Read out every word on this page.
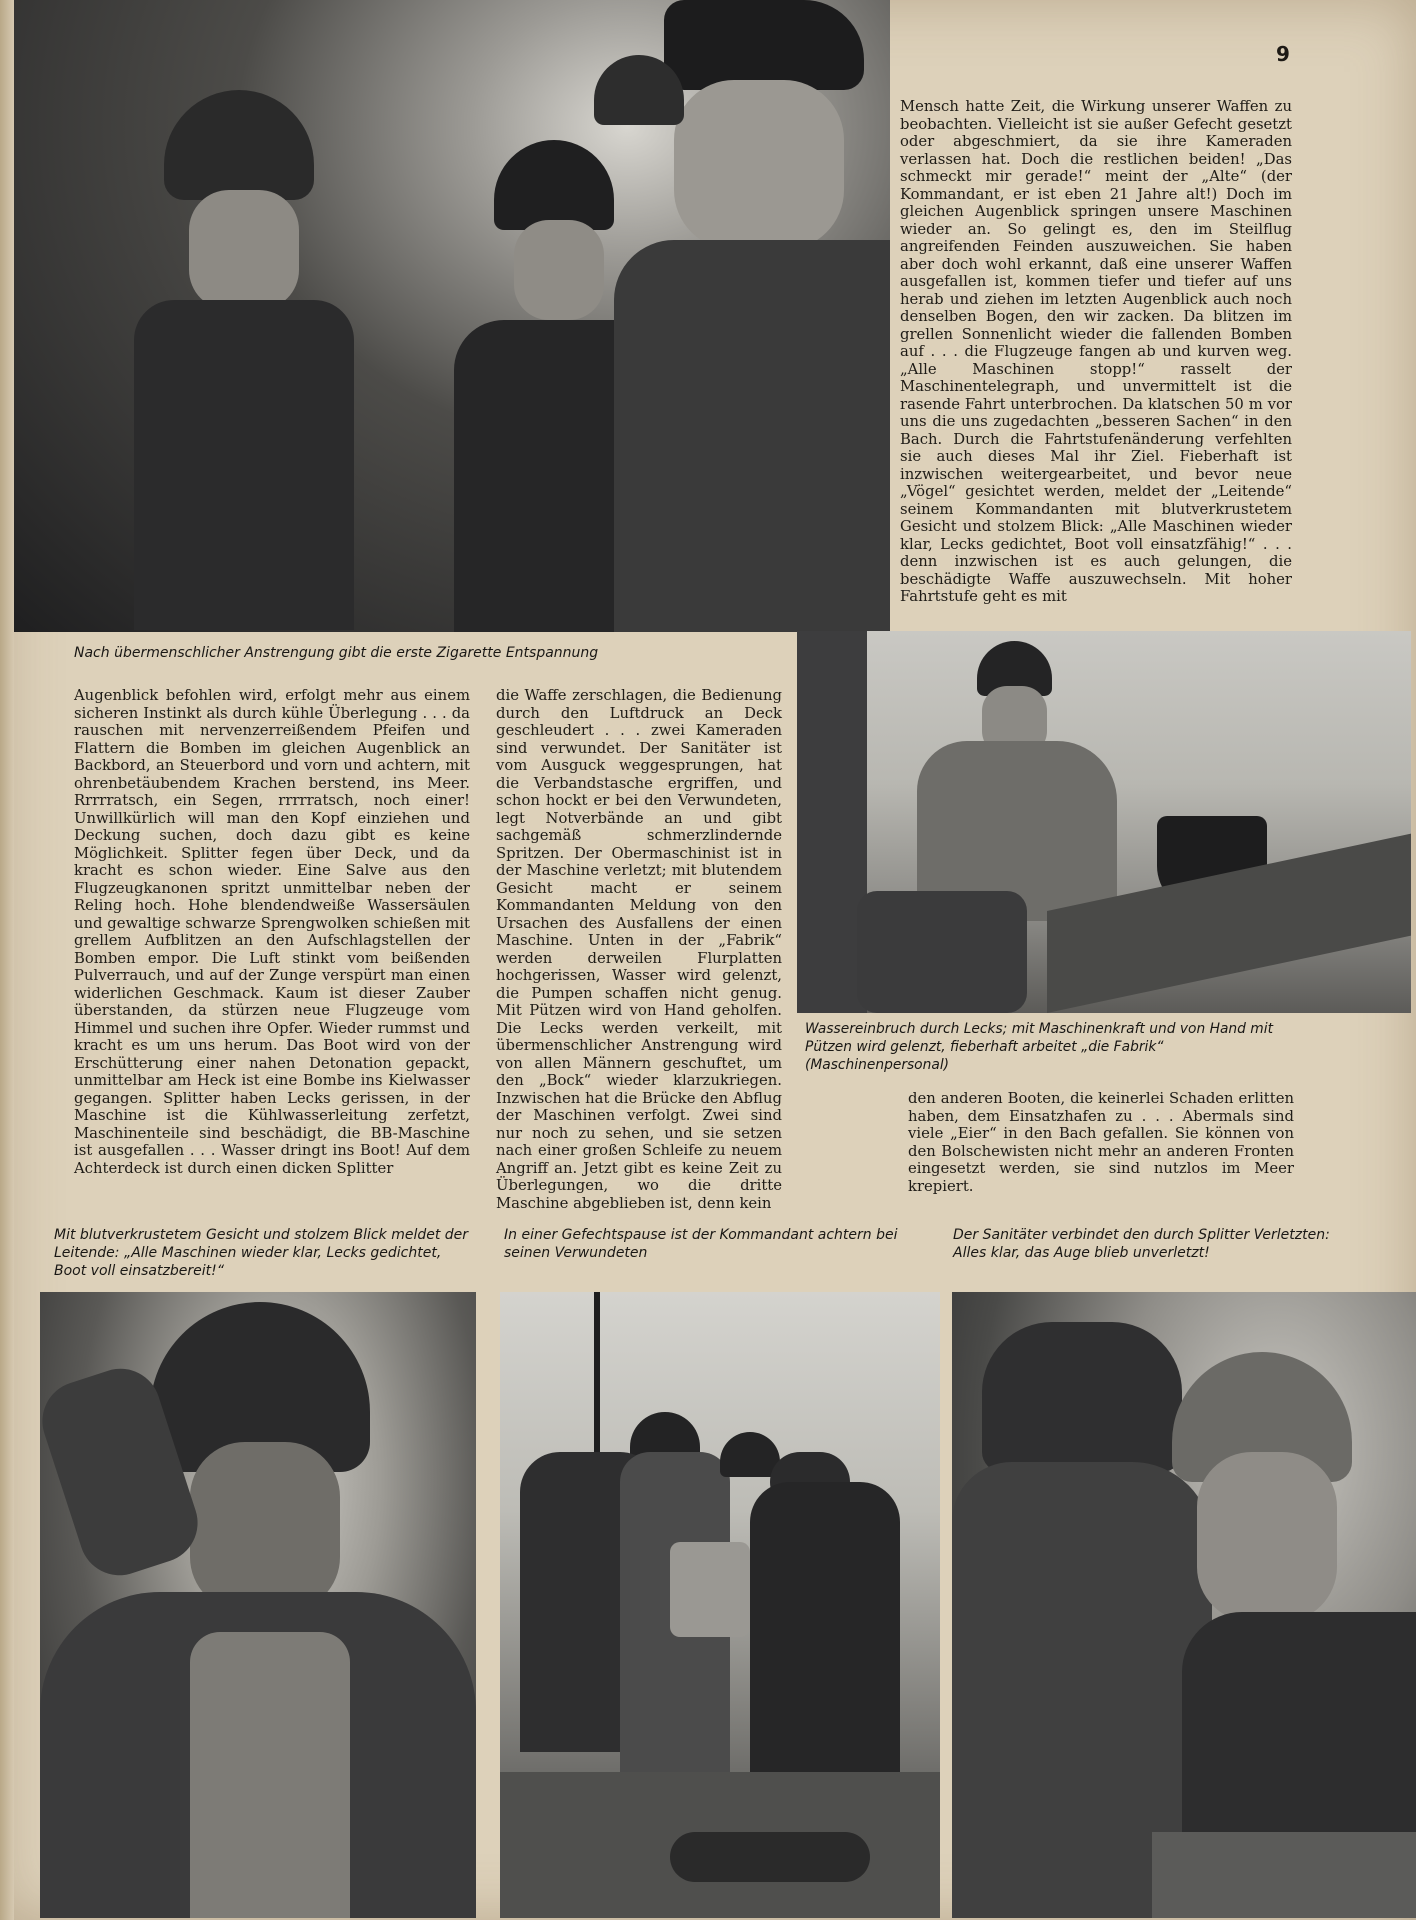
9

Mensch hatte Zeit, die Wirkung unserer Waffen zu beobachten. Vielleicht ist sie außer Gefecht gesetzt oder abgeschmiert, da sie ihre Kameraden verlassen hat. Doch die restlichen beiden! „Das schmeckt mir gerade!“ meint der „Alte“ (der Kommandant, er ist eben 21 Jahre alt!) Doch im gleichen Augenblick springen unsere Maschinen wieder an. So gelingt es, den im Steilflug angreifenden Feinden auszuweichen. Sie haben aber doch wohl erkannt, daß eine unserer Waffen ausgefallen ist, kommen tiefer und tiefer auf uns herab und ziehen im letzten Augenblick auch noch denselben Bogen, den wir zacken. Da blitzen im grellen Sonnenlicht wieder die fallenden Bomben auf . . . die Flugzeuge fangen ab und kurven weg. „Alle Maschinen stopp!“ rasselt der Maschinentelegraph, und unvermittelt ist die rasende Fahrt unterbrochen. Da klatschen 50 m vor uns die uns zugedachten „besseren Sachen“ in den Bach. Durch die Fahrtstufenänderung verfehlten sie auch dieses Mal ihr Ziel. Fieberhaft ist inzwischen weitergearbeitet, und bevor neue „Vögel“ gesichtet werden, meldet der „Leitende“ seinem Kommandanten mit blutverkrustetem Gesicht und stolzem Blick: „Alle Maschinen wieder klar, Lecks gedichtet, Boot voll einsatzfähig!“ . . . denn inzwischen ist es auch gelungen, die beschädigte Waffe auszuwechseln. Mit hoher Fahrtstufe geht es mit

Nach übermenschlicher Anstrengung gibt die erste Zigarette Entspannung

Wassereinbruch durch Lecks; mit Maschinenkraft und von Hand mit Pützen wird gelenzt, fieberhaft arbeitet „die Fabrik“ (Maschinenpersonal)

Augenblick befohlen wird, erfolgt mehr aus einem sicheren Instinkt als durch kühle Überlegung . . . da rauschen mit nervenzerreißendem Pfeifen und Flattern die Bomben im gleichen Augenblick an Backbord, an Steuerbord und vorn und achtern, mit ohrenbetäubendem Krachen berstend, ins Meer. Rrrrratsch, ein Segen, rrrrratsch, noch einer! Unwillkürlich will man den Kopf einziehen und Deckung suchen, doch dazu gibt es keine Möglichkeit. Splitter fegen über Deck, und da kracht es schon wieder. Eine Salve aus den Flugzeugkanonen spritzt unmittelbar neben der Reling hoch. Hohe blendendweiße Wassersäulen und gewaltige schwarze Sprengwolken schießen mit grellem Aufblitzen an den Aufschlagstellen der Bomben empor. Die Luft stinkt vom beißenden Pulverrauch, und auf der Zunge verspürt man einen widerlichen Geschmack. Kaum ist dieser Zauber überstanden, da stürzen neue Flugzeuge vom Himmel und suchen ihre Opfer. Wieder rummst und kracht es um uns herum. Das Boot wird von der Erschütterung einer nahen Detonation gepackt, unmittelbar am Heck ist eine Bombe ins Kielwasser gegangen. Splitter haben Lecks gerissen, in der Maschine ist die Kühlwasserleitung zerfetzt, Maschinenteile sind beschädigt, die BB-Maschine ist ausgefallen . . . Wasser dringt ins Boot! Auf dem Achterdeck ist durch einen dicken Splitter

die Waffe zerschlagen, die Bedienung durch den Luftdruck an Deck geschleudert . . . zwei Kameraden sind verwundet. Der Sanitäter ist vom Ausguck weggesprungen, hat die Verbandstasche ergriffen, und schon hockt er bei den Verwundeten, legt Notverbände an und gibt sachgemäß schmerzlindernde Spritzen. Der Obermaschinist ist in der Maschine verletzt; mit blutendem Gesicht macht er seinem Kommandanten Meldung von den Ursachen des Ausfallens der einen Maschine. Unten in der „Fabrik“ werden derweilen Flurplatten hochgerissen, Wasser wird gelenzt, die Pumpen schaffen nicht genug. Mit Pützen wird von Hand geholfen. Die Lecks werden verkeilt, mit übermenschlicher Anstrengung wird von allen Männern geschuftet, um den „Bock“ wieder klarzukriegen. Inzwischen hat die Brücke den Abflug der Maschinen verfolgt. Zwei sind nur noch zu sehen, und sie setzen nach einer großen Schleife zu neuem Angriff an. Jetzt gibt es keine Zeit zu Überlegungen, wo die dritte Maschine abgeblieben ist, denn kein

den anderen Booten, die keinerlei Schaden erlitten haben, dem Einsatzhafen zu . . . Abermals sind viele „Eier“ in den Bach gefallen. Sie können von den Bolschewisten nicht mehr an anderen Fronten eingesetzt werden, sie sind nutzlos im Meer krepiert.

Mit blutverkrustetem Gesicht und stolzem Blick meldet der Leitende: „Alle Maschinen wieder klar, Lecks gedichtet, Boot voll einsatzbereit!“

In einer Gefechtspause ist der Kommandant achtern bei seinen Verwundeten

Der Sanitäter verbindet den durch Splitter Verletzten: Alles klar, das Auge blieb unverletzt!
